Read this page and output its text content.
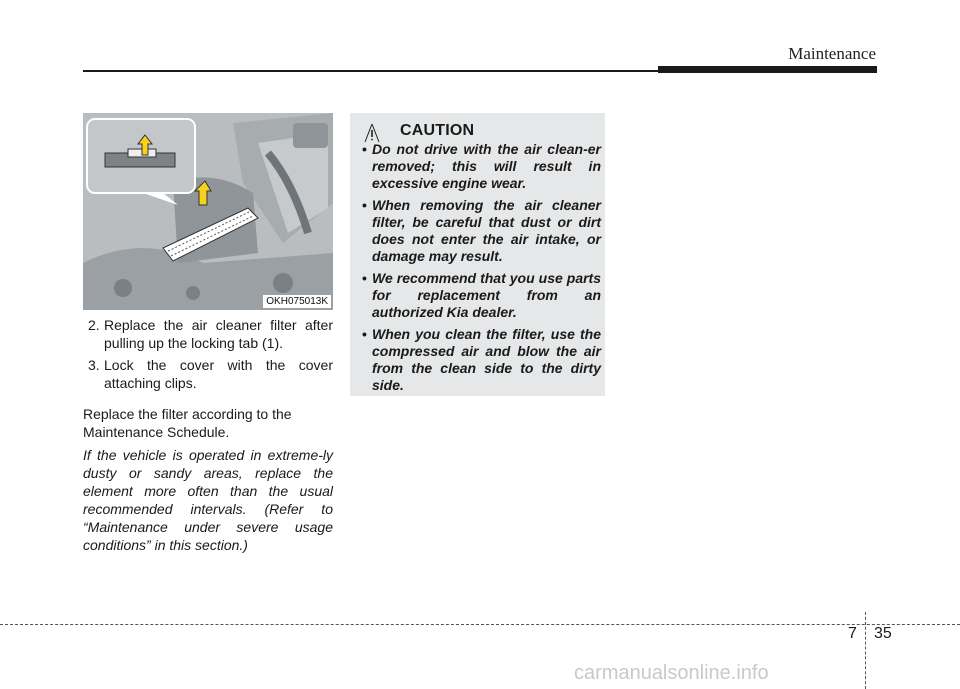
Maintenance
OKH075013K
2. Replace the air cleaner filter after pulling up the locking tab (1).
3. Lock the cover with the cover attaching clips.
Replace the filter according to the Maintenance Schedule.
If the vehicle is operated in extreme-ly dusty or sandy areas, replace the element more often than the usual recommended intervals. (Refer to “Maintenance under severe usage conditions” in this section.)
CAUTION
• Do not drive with the air clean-er removed; this will result in excessive engine wear.
• When removing the air cleaner filter, be careful that dust or dirt does not enter the air intake, or damage may result.
• We recommend that you use parts for replacement from an authorized Kia dealer.
• When you clean the filter, use the compressed air and blow the air from the clean side to the dirty side.
7 35
carmanualsonline.info
